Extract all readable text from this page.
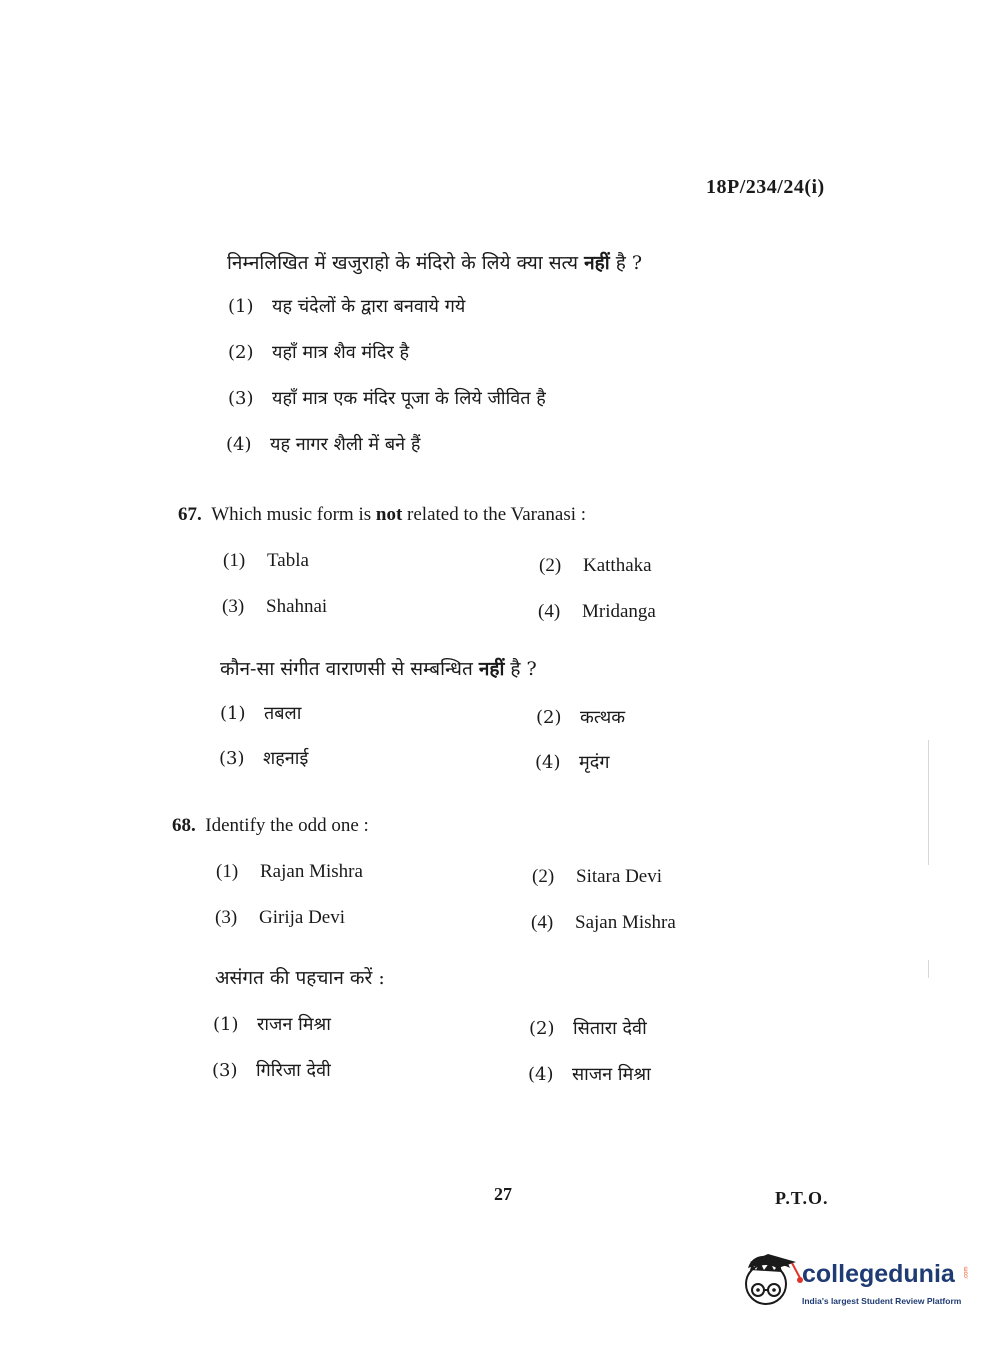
18P/234/24(i)
निम्नलिखित में खजुराहो के मंदिरो के लिये क्या सत्य नहीं है ?
(1) यह चंदेलों के द्वारा बनवाये गये
(2) यहाँ मात्र शैव मंदिर है
(3) यहाँ मात्र एक मंदिर पूजा के लिये जीवित है
(4) यह नागर शैली में बने हैं
67. Which music form is not related to the Varanasi :
(1) Tabla	(2) Katthaka
(3) Shahnai	(4) Mridanga
कौन-सा संगीत वाराणसी से सम्बन्धित नहीं है ?
(1) तबला	(2) कत्थक
(3) शहनाई	(4) मृदंग
68. Identify the odd one :
(1) Rajan Mishra	(2) Sitara Devi
(3) Girija Devi	(4) Sajan Mishra
असंगत की पहचान करें :
(1) राजन मिश्रा	(2) सितारा देवी
(3) गिरिजा देवी	(4) साजन मिश्रा
27	P.T.O.
collegedunia .com
India's largest Student Review Platform
